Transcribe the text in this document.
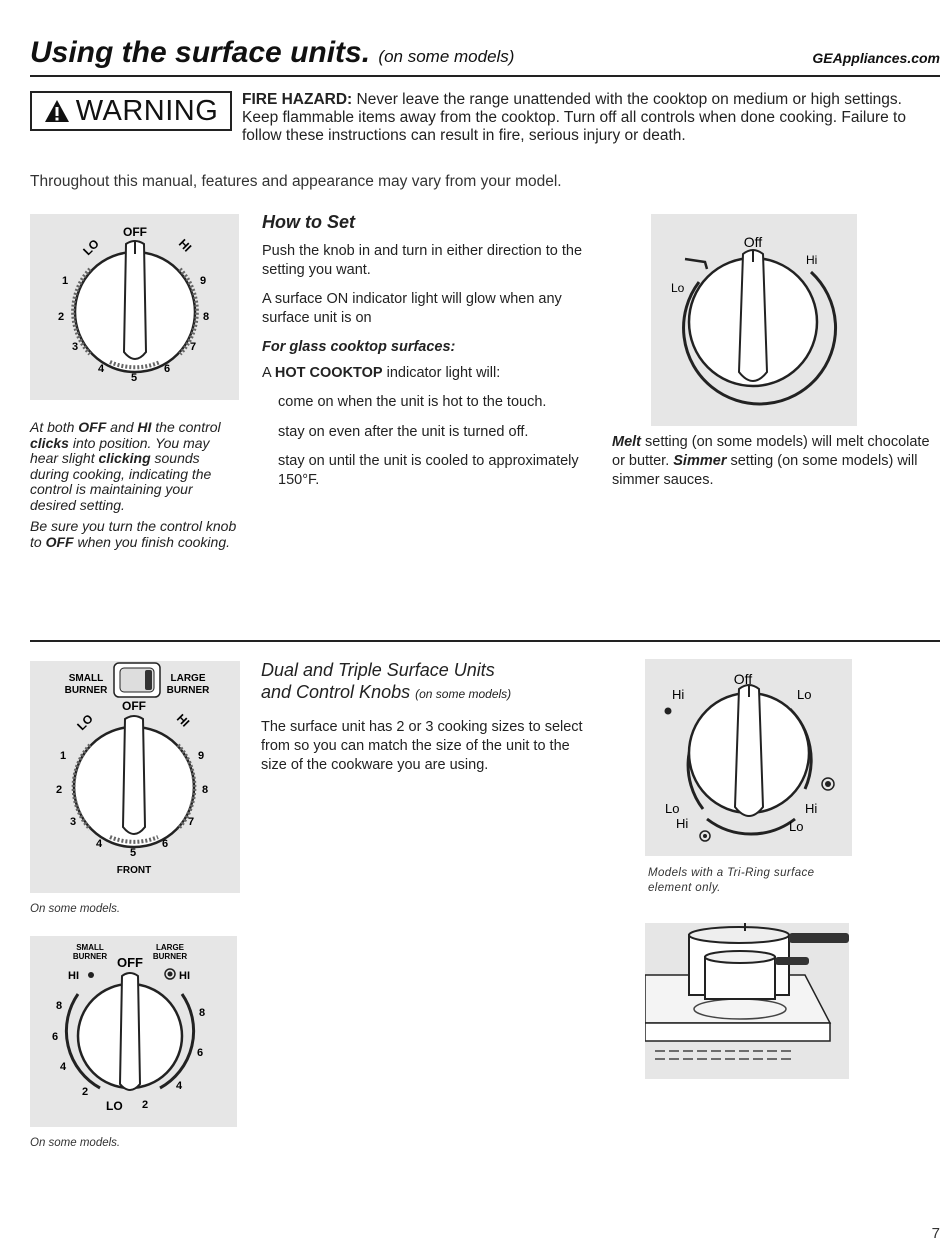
Using the surface units. (on some models)	GEAppliances.com
WARNING FIRE HAZARD: Never leave the range unattended with the cooktop on medium or high settings. Keep flammable items away from the cooktop. Turn off all controls when done cooking. Failure to follow these instructions can result in fire, serious injury or death.
Throughout this manual, features and appearance may vary from your model.
OFF
LO	HI
1
2
3
4
5
6
7
8
9
At both OFF and HI the control clicks into position. You may hear slight clicking sounds during cooking, indicating the control is maintaining your desired setting.
Be sure you turn the control knob to OFF when you finish cooking.
How to Set

Push the knob in and turn in either direction to the setting you want.

A surface ON indicator light will glow when any surface unit is on

For glass cooktop surfaces:

A HOT COOKTOP indicator light will:

come on when the unit is hot to the touch.

stay on even after the unit is turned off.

stay on until the unit is cooled to approximately 150°F.

Off
Hi
Lo
Melt setting (on some models) will melt chocolate or butter. Simmer setting (on some models) will simmer sauces.
SMALL
BURNER
LARGE
BURNER
OFF
LO	HI
1
2
3
4
5
6
7
8
9
FRONT
On some models.
Dual and Triple Surface Units
and Control Knobs (on some models)
The surface unit has 2 or 3 cooking sizes to select from so you can match the size of the unit to the size of the cookware you are using.
Off
Hi	Lo
Lo
Hi
Hi
Lo
Models with a Tri-Ring surface element only.
SMALL
BURNER
LARGE
BURNER
OFF
HI	HI
8
6
4
2
LO 2
4
6
8
On some models.
7
